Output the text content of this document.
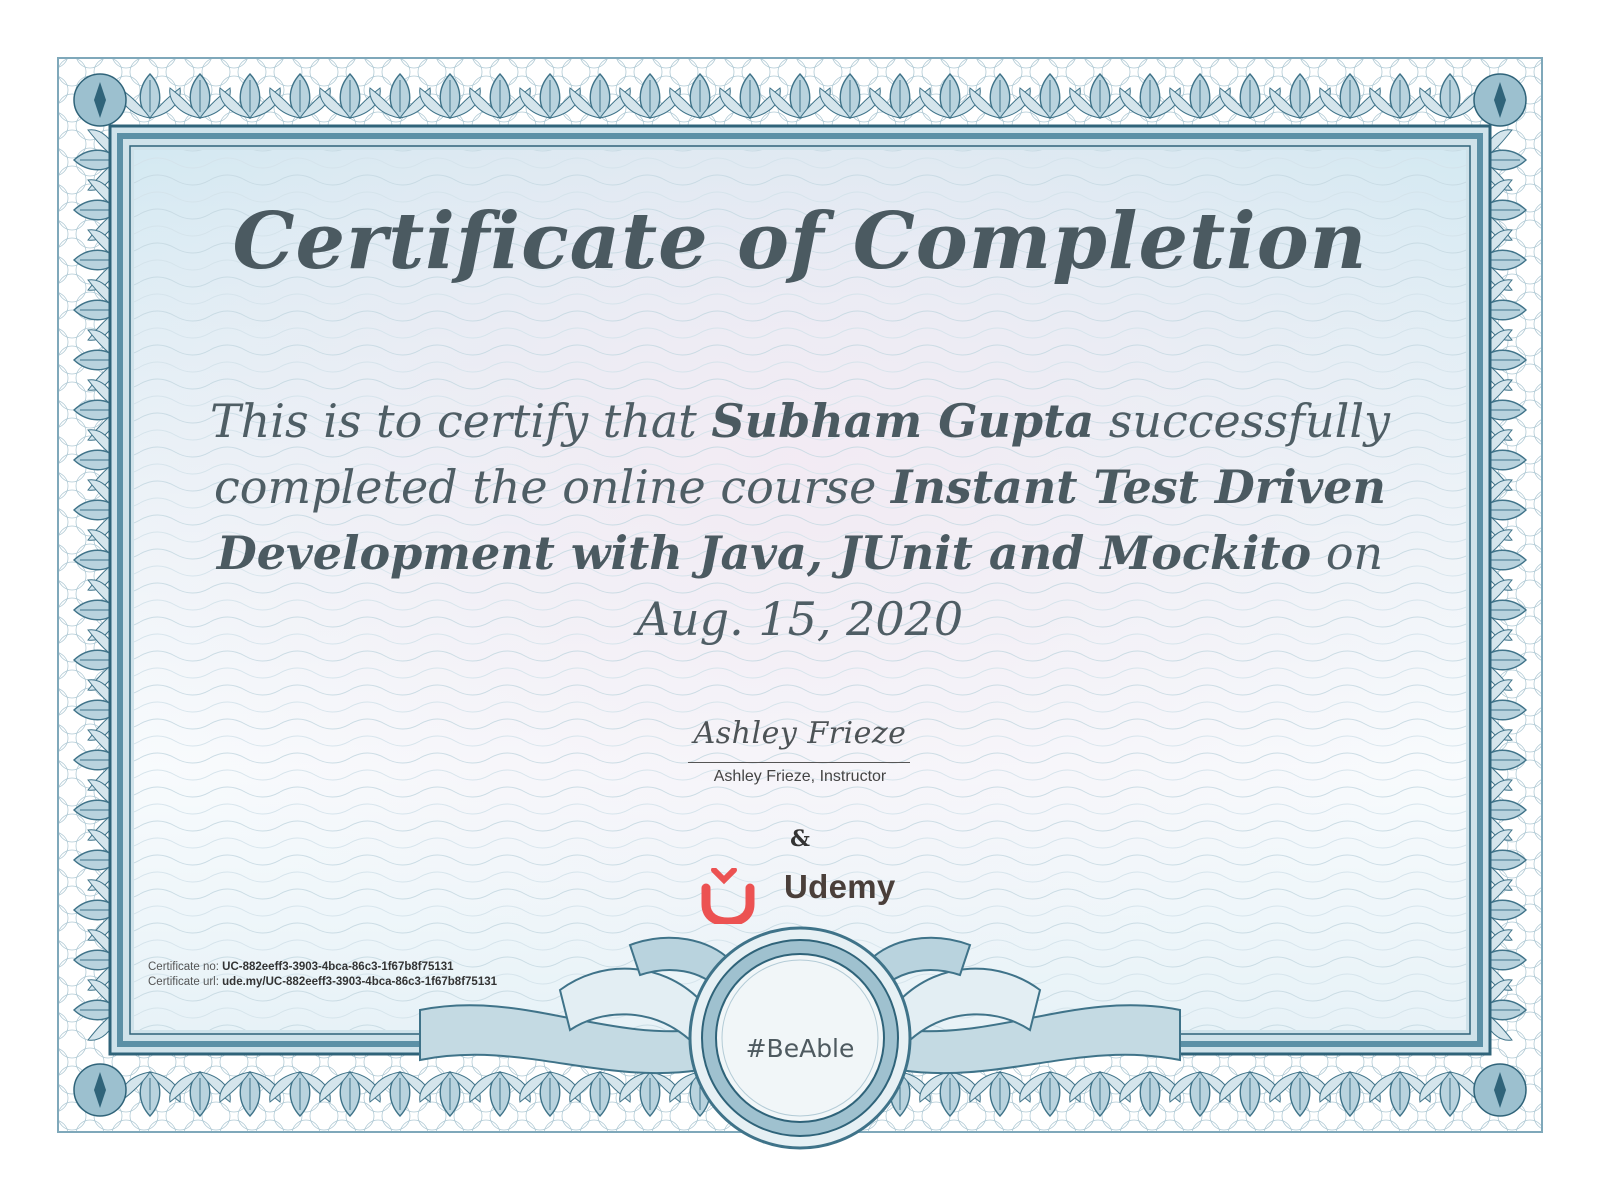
Certificate of Completion
This is to certify that Subham Gupta successfully completed the online course Instant Test Driven Development with Java, JUnit and Mockito on Aug. 15, 2020
Ashley Frieze
Ashley Frieze, Instructor
&
Udemy
Certificate no: UC-882eeff3-3903-4bca-86c3-1f67b8f75131
Certificate url: ude.my/UC-882eeff3-3903-4bca-86c3-1f67b8f75131
#BeAble
